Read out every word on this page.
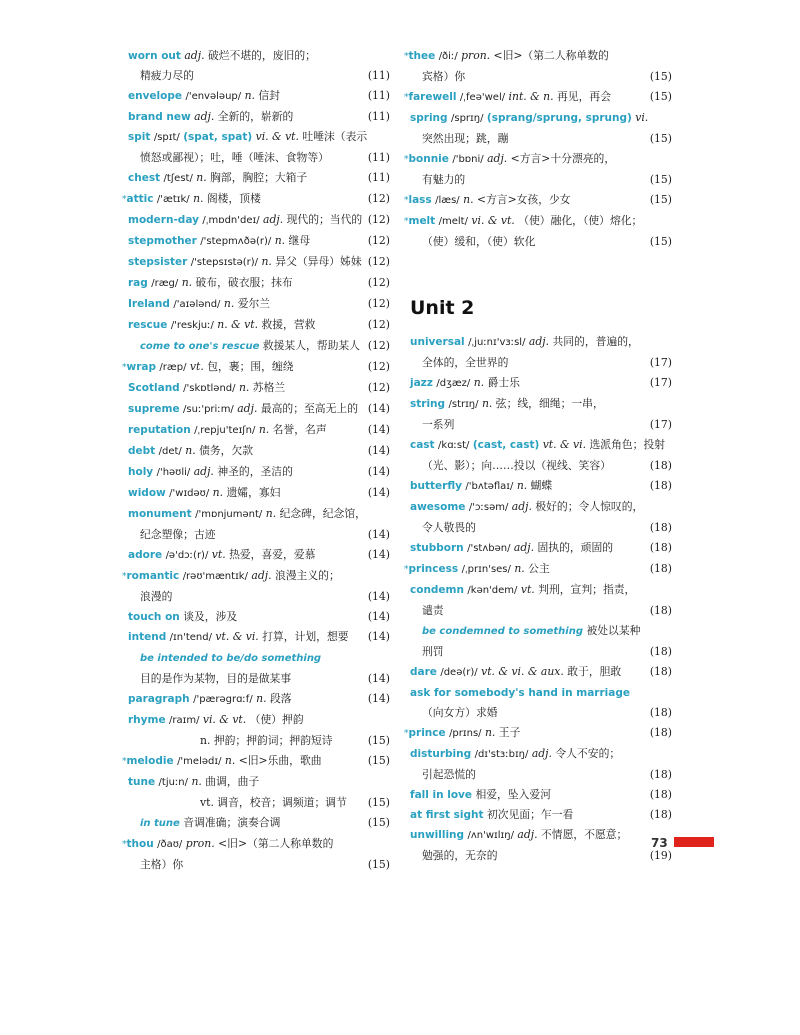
worn out adj. 破烂不堪的，废旧的；
精疲力尽的	(11)
envelope /'envələup/ n. 信封	(11)
brand new adj. 全新的，崭新的	(11)
spit /spɪt/ (spat, spat) vi. & vt. 吐唾沫（表示
愤怒或鄙视）；吐，唾（唾沫、食物等）	(11)
chest /tʃest/ n. 胸部，胸腔；大箱子	(11)
*attic /'ætɪk/ n. 阁楼，顶楼	(12)
modern-day /ˌmɒdn'deɪ/ adj. 现代的；当代的 (12)
stepmother /'stepmʌðə(r)/ n. 继母	(12)
stepsister /'stepsɪstə(r)/ n. 异父（异母）姊妹 (12)
rag /ræg/ n. 破布，破衣服；抹布	(12)
Ireland /'aɪələnd/ n. 爱尔兰	(12)
rescue /'reskjuː/ n. & vt. 救援，营救	(12)
come to one's rescue 救援某人，帮助某人 (12)
*wrap /ræp/ vt. 包，裹；围，缠绕	(12)
Scotland /'skɒtlənd/ n. 苏格兰	(12)
supreme /suː'priːm/ adj. 最高的；至高无上的 (14)
reputation /ˌrepju'teɪʃn/ n. 名誉，名声	(14)
debt /det/ n. 债务，欠款	(14)
holy /'həʊli/ adj. 神圣的，圣洁的	(14)
widow /'wɪdəʊ/ n. 遗孀，寡妇	(14)
monument /'mɒnjumənt/ n. 纪念碑，纪念馆，
纪念塑像；古迹	(14)
adore /ə'dɔː(r)/ vt. 热爱，喜爱，爱慕	(14)
*romantic /rəʊ'mæntɪk/ adj. 浪漫主义的；
浪漫的	(14)
touch on 谈及，涉及	(14)
intend /ɪn'tend/ vt. & vi. 打算，计划，想要 (14)
be intended to be/do something
目的是作为某物，目的是做某事	(14)
paragraph /'pærəgrɑːf/ n. 段落	(14)
rhyme /raɪm/ vi. & vt. （使）押韵
n. 押韵；押韵词；押韵短诗	(15)
*melodie /'melədɪ/ n. <旧>乐曲，歌曲	(15)
tune /tjuːn/ n. 曲调，曲子
vt. 调音，校音；调频道；调节 (15)
in tune 音调准确；演奏合调	(15)
*thou /ðaʊ/ pron. <旧>（第二人称单数的
主格）你	(15)
*thee /ðiː/ pron. <旧>（第二人称单数的
宾格）你	(15)
*farewell /ˌfeə'wel/ int. & n. 再见，再会	(15)
spring /sprɪŋ/ (sprang/sprung, sprung) vi.
突然出现；跳，蹦	(15)
*bonnie /'bɒni/ adj. <方言>十分漂亮的，
有魅力的	(15)
*lass /læs/ n. <方言>女孩，少女	(15)
*melt /melt/ vi. & vt. （使）融化，（使）熔化；
（使）缓和，（使）软化	(15)
Unit 2
universal /ˌjuːnɪ'vɜːsl/ adj. 共同的，普遍的，
全体的，全世界的	(17)
jazz /dʒæz/ n. 爵士乐	(17)
string /strɪŋ/ n. 弦；线，细绳；一串，
一系列	(17)
cast /kɑːst/ (cast, cast) vt. & vi. 选派角色；投射
（光、影）；向……投以（视线、笑容）	(18)
butterfly /'bʌtəflaɪ/ n. 蝴蝶	(18)
awesome /'ɔːsəm/ adj. 极好的；令人惊叹的，
令人敬畏的	(18)
stubborn /'stʌbən/ adj. 固执的，顽固的	(18)
*princess /ˌprɪn'ses/ n. 公主	(18)
condemn /kən'dem/ vt. 判刑，宣判；指责，
谴责	(18)
be condemned to something 被处以某种
刑罚	(18)
dare /deə(r)/ vt. & vi. & aux. 敢于，胆敢	(18)
ask for somebody's hand in marriage
（向女方）求婚	(18)
*prince /prɪns/ n. 王子	(18)
disturbing /dɪ'stɜːbɪŋ/ adj. 令人不安的；
引起恐慌的	(18)
fall in love 相爱，坠入爱河	(18)
at first sight 初次见面；乍一看	(18)
unwilling /ʌn'wɪlɪŋ/ adj. 不情愿，不愿意；
勉强的，无奈的	(19)
73
